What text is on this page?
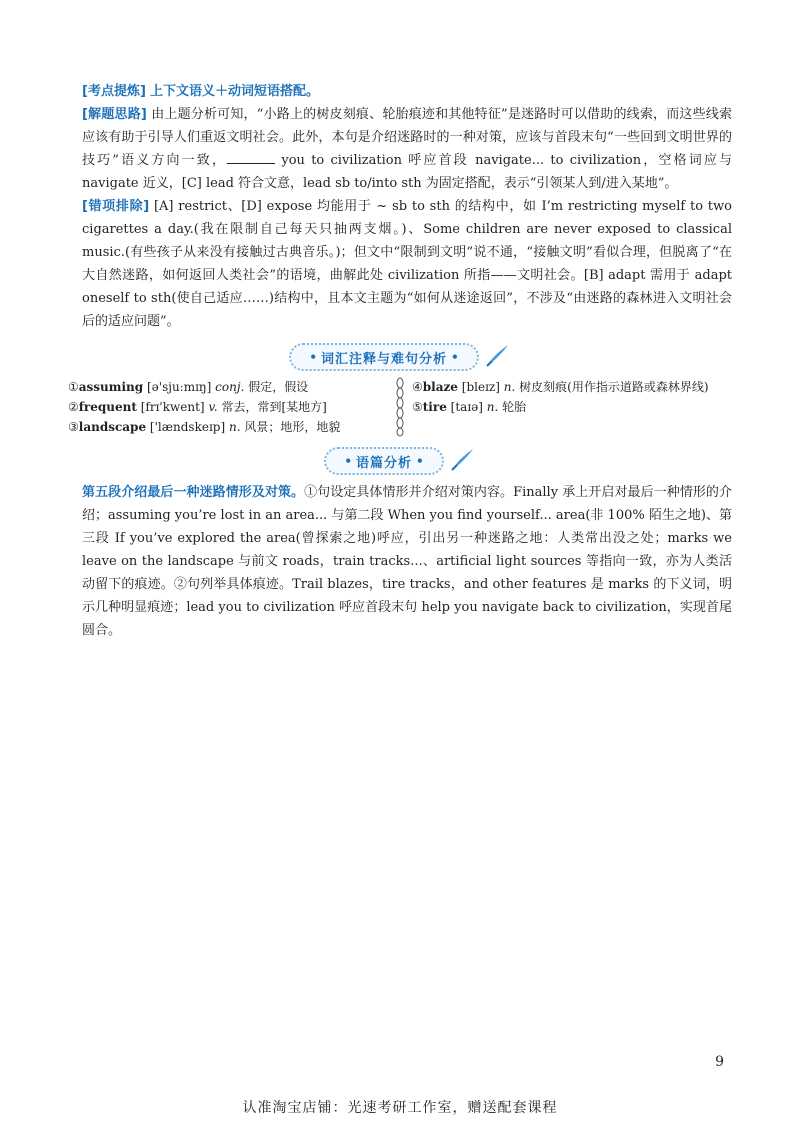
[考点提炼] 上下文语义＋动词短语搭配。

[解题思路] 由上题分析可知，“小路上的树皮刻痕、轮胎痕迹和其他特征”是迷路时可以借助的线索，而这些线索应该有助于引导人们重返文明社会。此外，本句是介绍迷路时的一种对策，应该与首段末句“一些回到文明世界的技巧”语义方向一致，	you to civilization 呼应首段 navigate... to civilization，空格词应与 navigate 近义，[C] lead 符合文意，lead sb to/into sth 为固定搭配，表示“引领某人到/进入某地”。

[错项排除] [A] restrict、[D] expose 均能用于 ~ sb to sth 的结构中，如 I’m restricting myself to two cigarettes a day.(我在限制自己每天只抽两支烟。)、Some children are never exposed to classical music.(有些孩子从来没有接触过古典音乐。)；但文中“限制到文明”说不通，“接触文明”看似合理，但脱离了“在大自然迷路，如何返回人类社会”的语境，曲解此处 civilization 所指——文明社会。[B] adapt 需用于 adapt oneself to sth(使自己适应……)结构中，且本文主题为“如何从迷途返回”，不涉及“由迷路的森林进入文明社会后的适应问题”。

• 词汇注释与难句分析 •
①assuming [ə'sjuːmɪŋ] conj. 假定，假设
②frequent [frɪ'kwent] v. 常去，常到[某地方]
③landscape ['lændskeɪp] n. 风景；地形，地貌
④blaze [bleɪz] n. 树皮刻痕(用作指示道路或森林界线)
⑤tire [taɪə] n. 轮胎
• 语篇分析 •

第五段介绍最后一种迷路情形及对策。①句设定具体情形并介绍对策内容。Finally 承上开启对最后一种情形的介绍；assuming you’re lost in an area... 与第二段 When you find yourself... area(非 100% 陌生之地)、第三段 If you’ve explored the area(曾探索之地)呼应，引出另一种迷路之地：人类常出没之处；marks we leave on the landscape 与前文 roads，train tracks...、artificial light sources 等指向一致，亦为人类活动留下的痕迹。②句列举具体痕迹。Trail blazes，tire tracks，and other features 是 marks 的下义词，明示几种明显痕迹；lead you to civilization 呼应首段末句 help you navigate back to civilization，实现首尾圆合。

9
认准淘宝店铺：光速考研工作室，赠送配套课程
